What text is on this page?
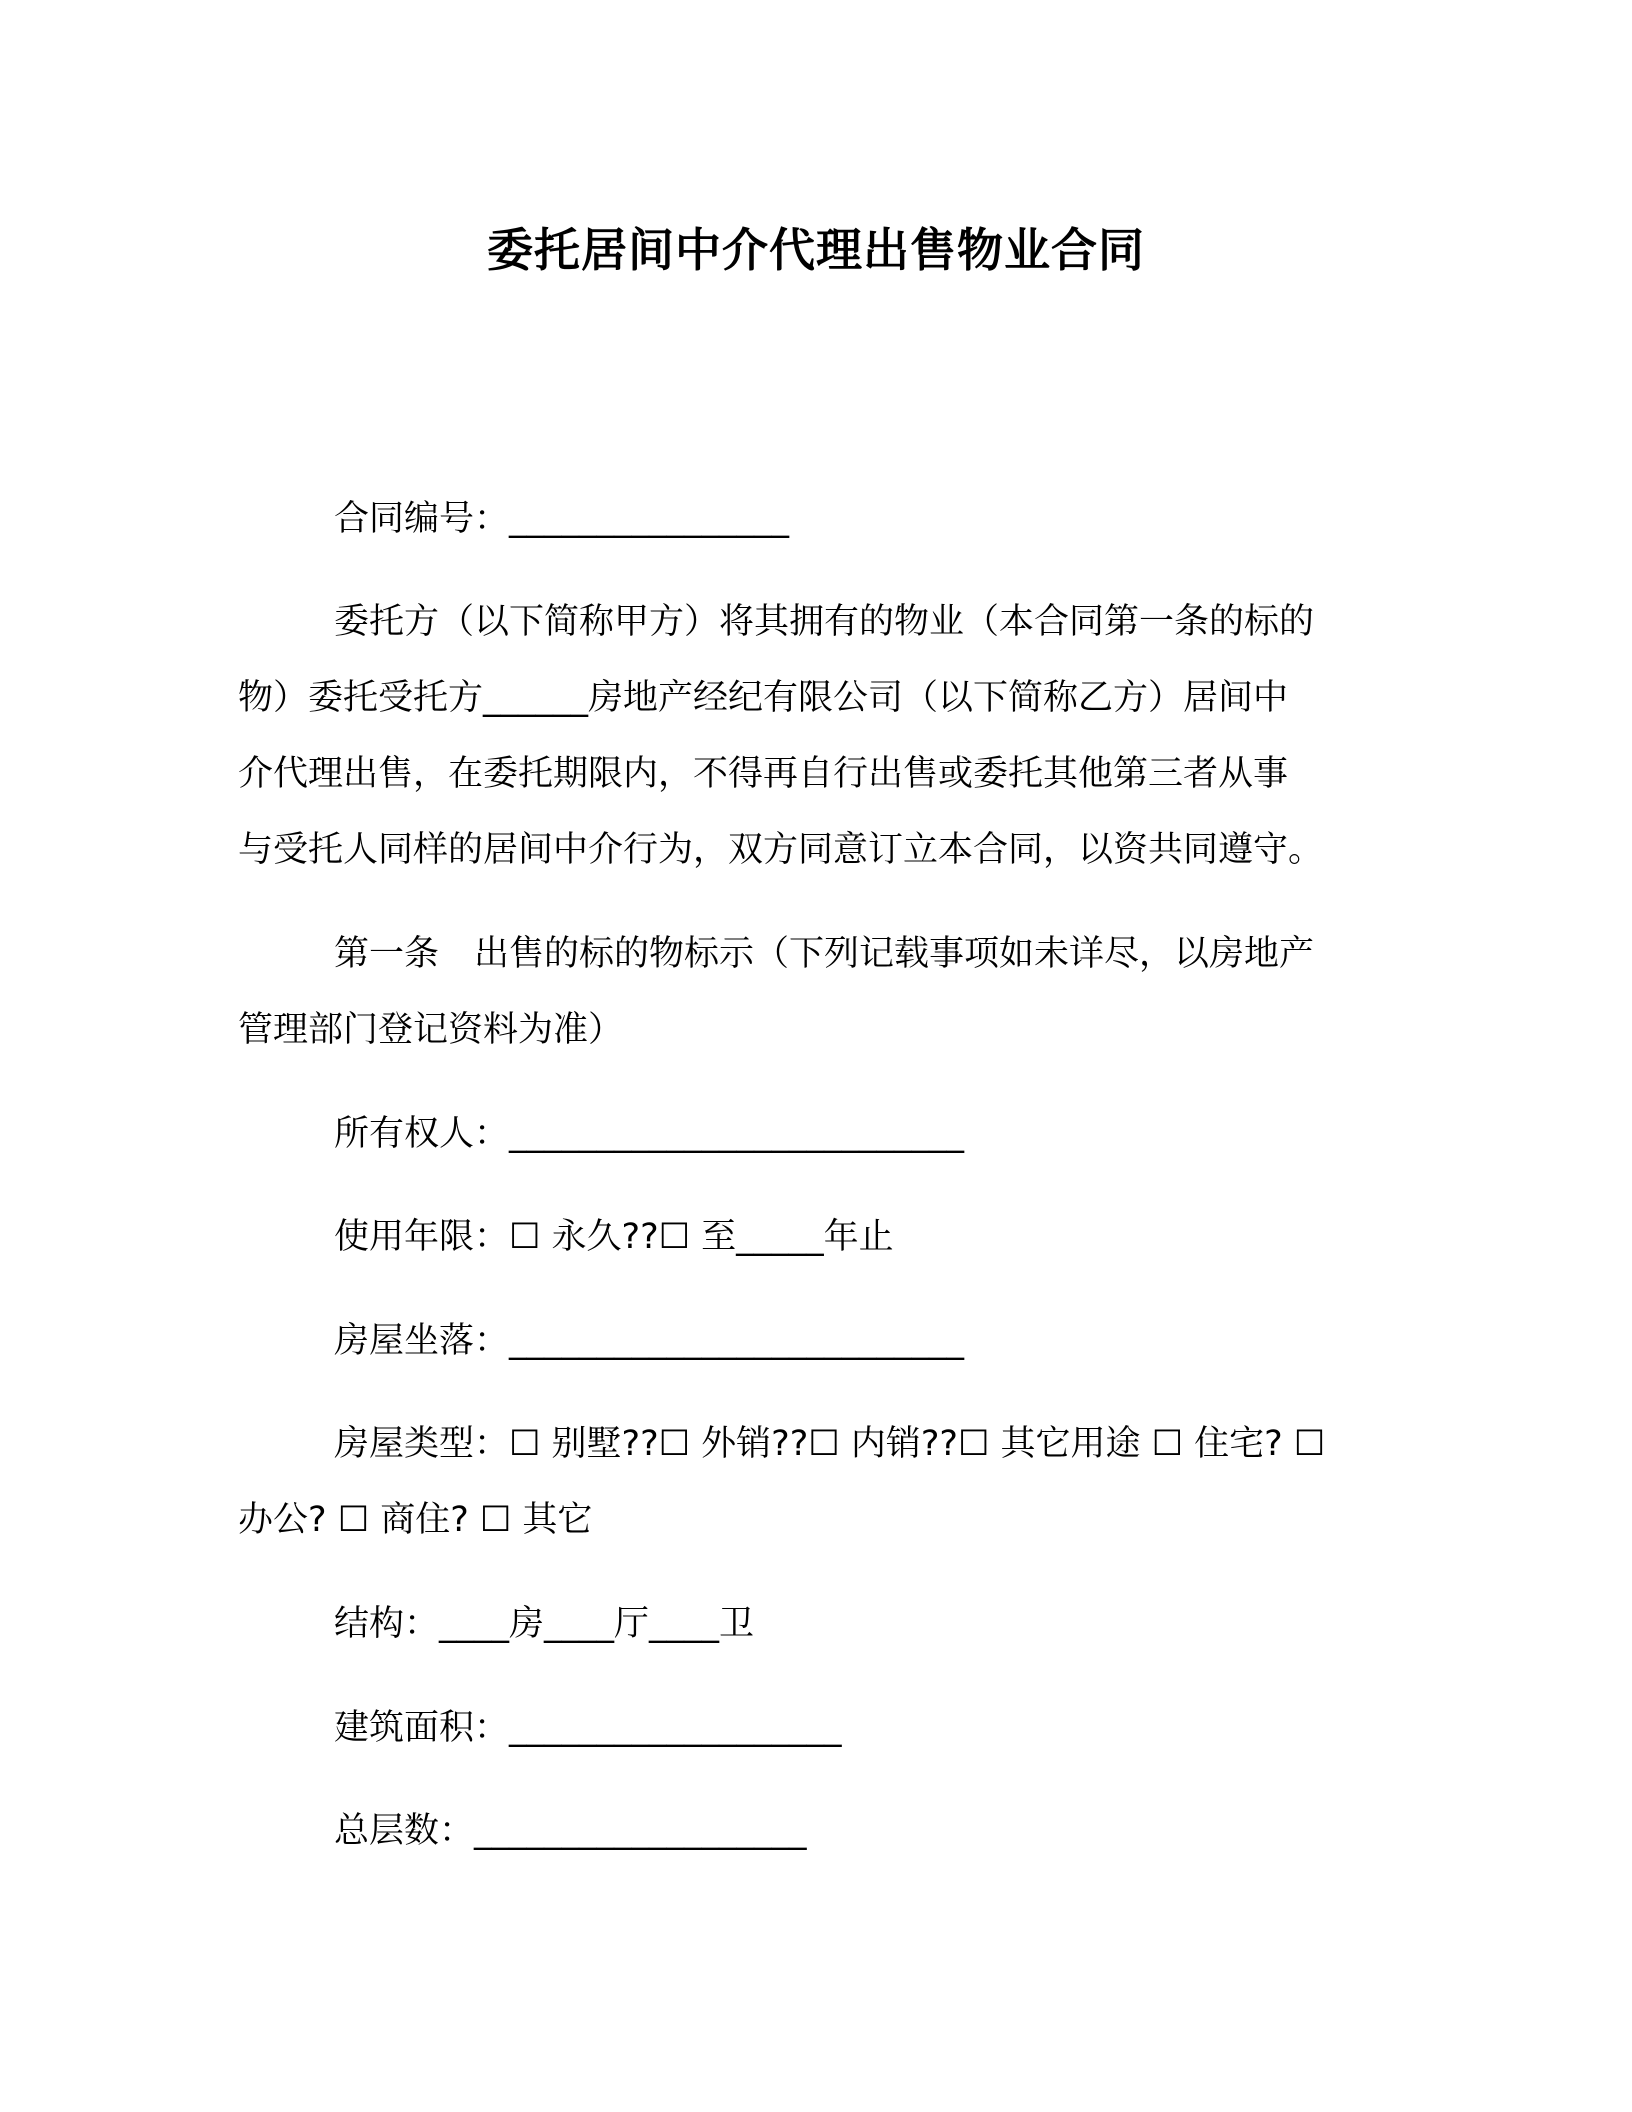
委托居间中介代理出售物业合同
合同编号：________________
委托方（以下简称甲方）将其拥有的物业（本合同第一条的标的
物）委托受托方______房地产经纪有限公司（以下简称乙方）居间中
介代理出售，在委托期限内，不得再自行出售或委托其他第三者从事
与受托人同样的居间中介行为，双方同意订立本合同，以资共同遵守。
第一条　出售的标的物标示（下列记载事项如未详尽，以房地产
管理部门登记资料为准）
所有权人：__________________________
使用年限：☐ 永久??☐ 至_____年止
房屋坐落：__________________________
房屋类型：☐ 别墅??☐ 外销??☐ 内销??☐ 其它用途 ☐ 住宅? ☐
办公? ☐ 商住? ☐ 其它
结构：____房____厅____卫
建筑面积：___________________
总层数：___________________
